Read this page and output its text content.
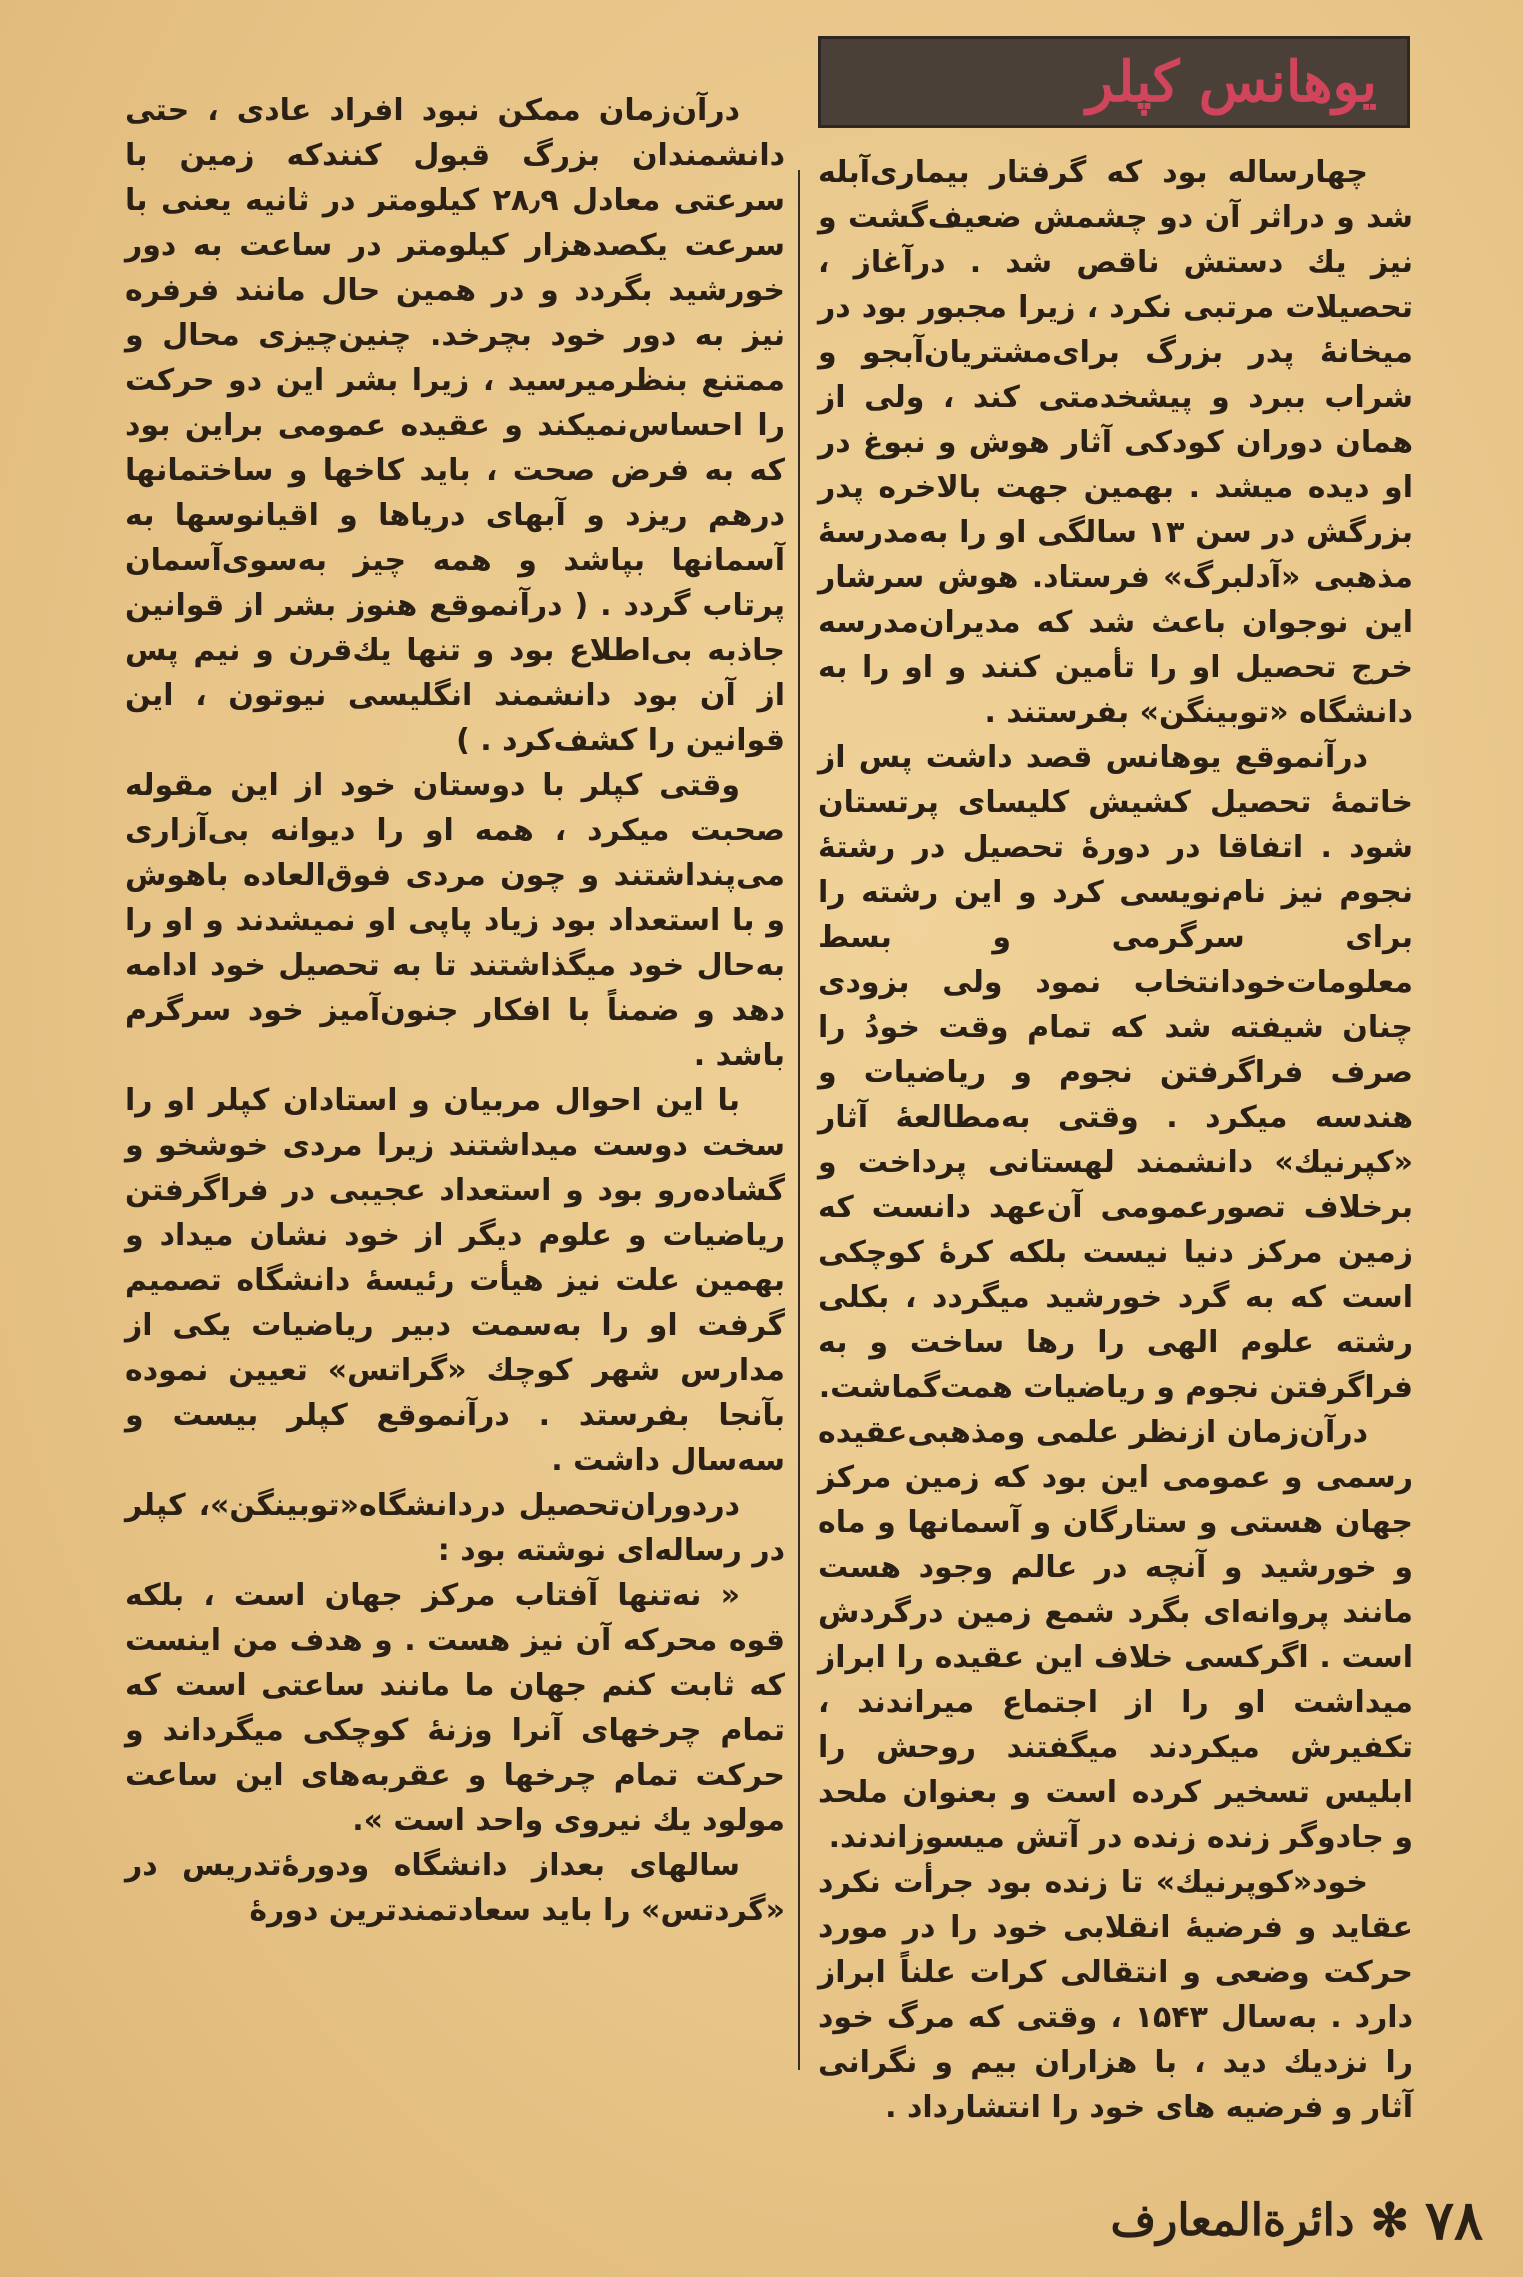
یوهانس کپلر

چهارساله بود که گرفتار بیماری‌آبله شد و دراثر آن دو چشمش ضعیف‌گشت و نیز یك دستش ناقص شد . درآغاز ، تحصیلات مرتبی نکرد ، زیرا مجبور بود در میخانهٔ پدر بزرگ برای‌مشتریان‌آبجو و شراب ببرد و پیشخدمتی کند ، ولی از همان دوران کودکی آثار هوش و نبوغ در او دیده میشد . بهمین جهت بالاخره پدر بزرگش در سن ۱۳ سالگی او را به‌مدرسهٔ مذهبی «آدلبرگ» فرستاد. هوش سرشار این نوجوان باعث شد که مدیران‌مدرسه خرج تحصیل او را تأمین کنند و او را به دانشگاه «توبینگن» بفرستند .

درآنموقع یوهانس قصد داشت پس از خاتمهٔ تحصیل کشیش کلیسای پرتستان شود . اتفاقا در دورهٔ تحصیل در رشتهٔ نجوم نیز نام‌نویسی کرد و این رشته را برای سرگرمی و بسط معلومات‌خودانتخاب نمود ولی بزودی چنان شیفته شد که تمام وقت خودُ را صرف فراگرفتن نجوم و ریاضیات و هندسه میکرد . وقتی به‌مطالعهٔ آثار «کپرنیك» دانشمند لهستانی پرداخت و برخلاف تصور‌عمومی آن‌عهد دانست که زمین مرکز دنیا نیست بلکه کرهٔ کوچکی است که به گرد خورشید میگردد ، بکلی رشته علوم الهی را رها ساخت و به فراگرفتن نجوم و ریاضیات همت‌گماشت.

درآن‌زمان ازنظر علمی ومذهبی‌عقیده رسمی و عمومی این بود که زمین مرکز جهان هستی و ستارگان و آسمانها و ماه و خورشید و آنچه در عالم وجود هست مانند پروانه‌ای بگرد شمع زمین درگردش است . اگرکسی خلاف این عقیده را ابراز میداشت او را از اجتماع میراندند ، تکفیرش میکردند میگفتند روحش را ابلیس تسخیر کرده است و بعنوان ملحد و جادوگر زنده زنده در آتش میسوزاندند.

خود«کوپرنیك» تا زنده بود جرأت نکرد عقاید و فرضیهٔ انقلابی خود را در مورد حرکت وضعی و انتقالی کرات علناً ابراز دارد . به‌سال ۱۵۴۳ ، وقتی که مرگ خود را نزدیك دید ، با هزاران بیم و نگرانی آثار و فرضیه های خود را انتشارداد .

درآن‌زمان ممکن نبود افراد عادی ، حتی دانشمندان بزرگ قبول کنندکه زمین با سرعتی معادل ۲۸٫۹ کیلومتر در ثانیه یعنی با سرعت یکصدهزار کیلومتر در ساعت به دور خورشید بگردد و در همین حال مانند فرفره نیز به دور خود بچرخد. چنین‌چیزی محال و ممتنع بنظرمیرسید ، زیرا بشر این دو حرکت را احساس‌نمیکند و عقیده عمومی براین بود که به فرض صحت ، باید کاخها و ساختمانها درهم ریزد و آبهای دریاها و اقیانوسها به آسمانها بپاشد و همه چیز به‌سوی‌آسمان پرتاب گردد . ( درآنموقع هنوز بشر از قوانین جاذبه بی‌اطلاع بود و تنها یك‌قرن و نیم پس از آن بود دانشمند انگلیسی نیوتون ، این قوانین را کشف‌کرد . )

وقتی کپلر با دوستان خود از این مقوله صحبت میکرد ، همه او را دیوانه بی‌آزاری می‌پنداشتند و چون مردی فوق‌العاده باهوش و با استعداد بود زیاد پاپی او نمیشدند و او را به‌حال خود میگذاشتند تا به تحصیل خود ادامه دهد و ضمناً با افکار جنون‌آمیز خود سرگرم باشد .

با این احوال مربیان و استادان کپلر او را سخت دوست میداشتند زیرا مردی خوشخو و گشاده‌رو بود و استعداد عجیبی در فراگرفتن ریاضیات و علوم دیگر از خود نشان میداد و بهمین علت نیز هیأت رئیسهٔ دانشگاه تصمیم گرفت او را به‌سمت دبیر ریاضیات یکی از مدارس شهر کوچك «گراتس» تعیین نموده بآنجا بفرستد . درآنموقع کپلر بیست و سه‌سال داشت .

دردوران‌تحصیل دردانشگاه«توبینگن»، کپلر در رساله‌ای نوشته بود :

« نه‌تنها آفتاب مرکز جهان است ، بلکه قوه محرکه آن نیز هست . و هدف من اینست که ثابت کنم جهان ما مانند ساعتی است که تمام چرخهای آنرا وزنهٔ کوچکی میگرداند و حرکت تمام چرخها و عقربه‌های این ساعت مولود یك نیروی واحد است ».

سالهای بعداز دانشگاه ودورهٔ‌تدریس در «گردتس» را باید سعادتمندترین دورهٔ

۷۸
✻
دائرة‌المعارف
